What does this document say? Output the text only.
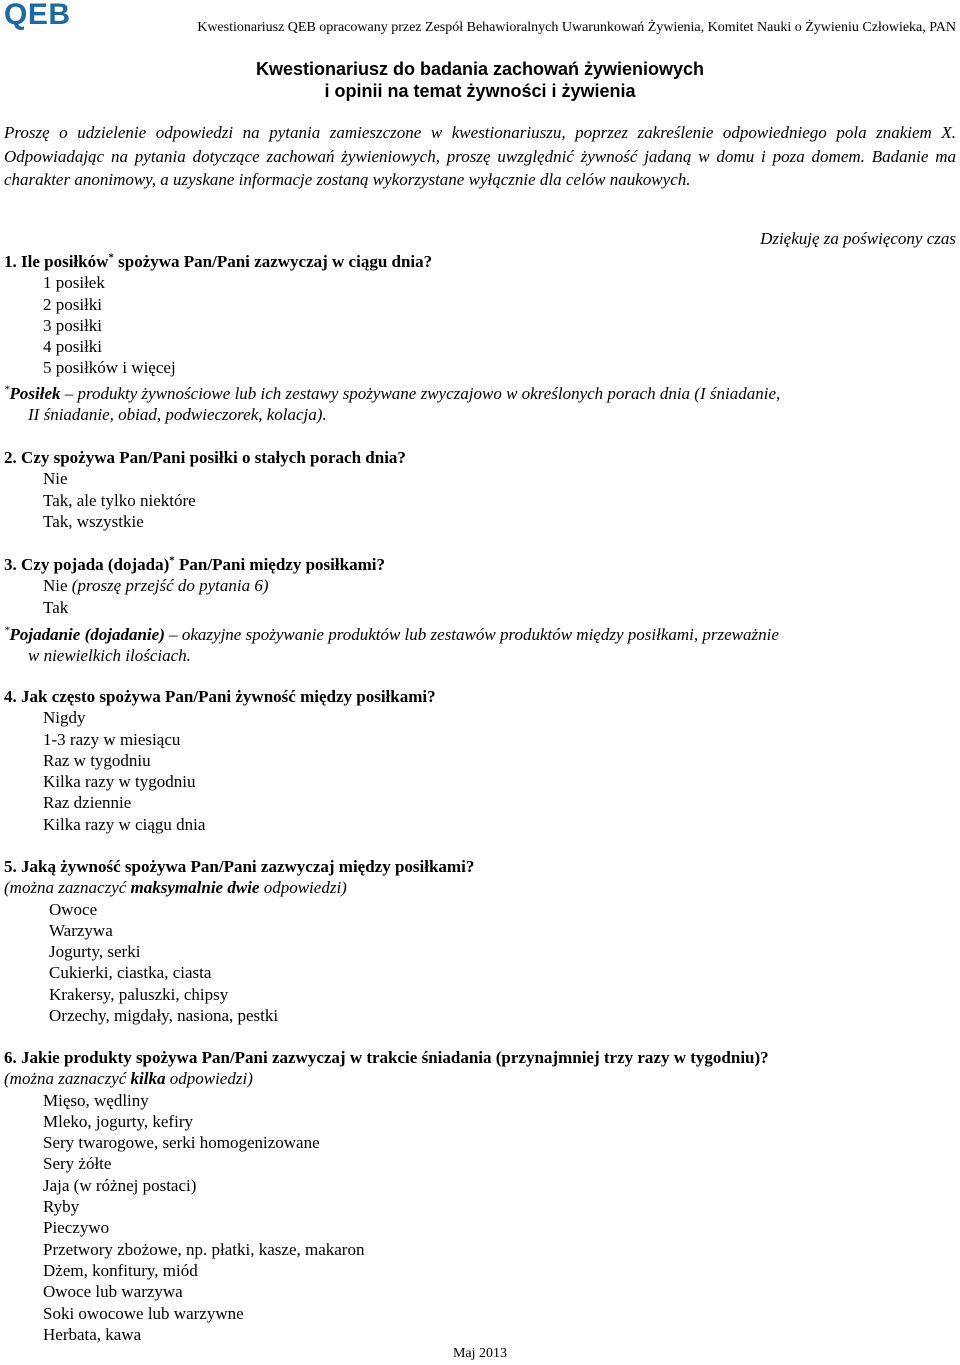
QEB	Kwestionariusz QEB opracowany przez Zespół Behawioralnych Uwarunkowań Żywienia, Komitet Nauki o Żywieniu Człowieka, PAN
Kwestionariusz do badania zachowań żywieniowych
i opinii na temat żywności i żywienia
Proszę o udzielenie odpowiedzi na pytania zamieszczone w kwestionariuszu, poprzez zakreślenie odpowiedniego pola znakiem X. Odpowiadając na pytania dotyczące zachowań żywieniowych, proszę uwzględnić żywność jadaną w domu i poza domem. Badanie ma charakter anonimowy, a uzyskane informacje zostaną wykorzystane wyłącznie dla celów naukowych.
Dziękuję za poświęcony czas
1. Ile posiłków* spożywa Pan/Pani zazwyczaj w ciągu dnia?
1 posiłek
2 posiłki
3 posiłki
4 posiłki
5 posiłków i więcej
*Posiłek – produkty żywnościowe lub ich zestawy spożywane zwyczajowo w określonych porach dnia (I śniadanie,
II śniadanie, obiad, podwieczorek, kolacja).
2. Czy spożywa Pan/Pani posiłki o stałych porach dnia?
Nie
Tak, ale tylko niektóre
Tak, wszystkie
3. Czy pojada (dojada)* Pan/Pani między posiłkami?
Nie (proszę przejść do pytania 6)
Tak
*Pojadanie (dojadanie) – okazyjne spożywanie produktów lub zestawów produktów między posiłkami, przeważnie
w niewielkich ilościach.
4. Jak często spożywa Pan/Pani żywność między posiłkami?
Nigdy
1-3 razy w miesiącu
Raz w tygodniu
Kilka razy w tygodniu
Raz dziennie
Kilka razy w ciągu dnia
5. Jaką żywność spożywa Pan/Pani zazwyczaj między posiłkami?
(można zaznaczyć maksymalnie dwie odpowiedzi)
Owoce
Warzywa
Jogurty, serki
Cukierki, ciastka, ciasta
Krakersy, paluszki, chipsy
Orzechy, migdały, nasiona, pestki
6. Jakie produkty spożywa Pan/Pani zazwyczaj w trakcie śniadania (przynajmniej trzy razy w tygodniu)?
(można zaznaczyć kilka odpowiedzi)
Mięso, wędliny
Mleko, jogurty, kefiry
Sery twarogowe, serki homogenizowane
Sery żółte
Jaja (w różnej postaci)
Ryby
Pieczywo
Przetwory zbożowe, np. płatki, kasze, makaron
Dżem, konfitury, miód
Owoce lub warzywa
Soki owocowe lub warzywne
Herbata, kawa
Maj 2013
